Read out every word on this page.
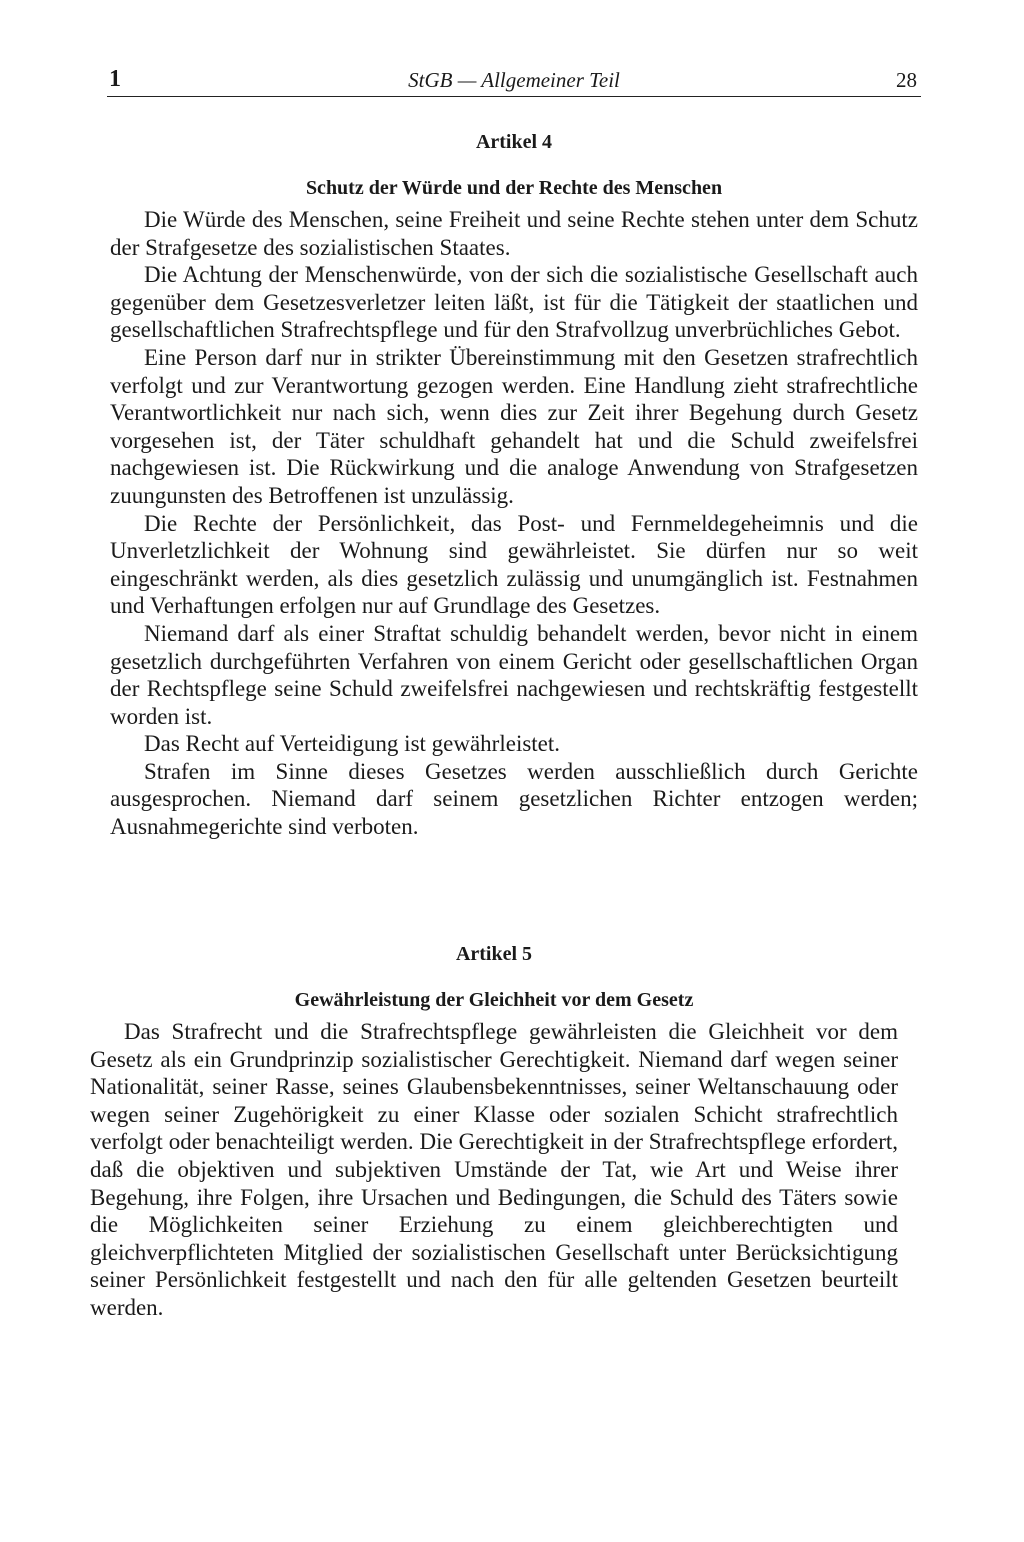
1	StGB — Allgemeiner Teil	28
Artikel 4
Schutz der Würde und der Rechte des Menschen

Die Würde des Menschen, seine Freiheit und seine Rechte stehen unter dem Schutz der Strafgesetze des sozialistischen Staates.

Die Achtung der Menschenwürde, von der sich die sozialistische Gesellschaft auch gegenüber dem Gesetzesverletzer leiten läßt, ist für die Tätigkeit der staatlichen und gesellschaftlichen Strafrechtspflege und für den Strafvollzug unverbrüchliches Gebot.

Eine Person darf nur in strikter Übereinstimmung mit den Gesetzen strafrechtlich verfolgt und zur Verantwortung gezogen werden. Eine Handlung zieht strafrechtliche Verantwortlichkeit nur nach sich, wenn dies zur Zeit ihrer Begehung durch Gesetz vorgesehen ist, der Täter schuldhaft gehandelt hat und die Schuld zweifelsfrei nachgewiesen ist. Die Rückwirkung und die analoge Anwendung von Strafgesetzen zuungunsten des Betroffenen ist unzulässig.

Die Rechte der Persönlichkeit, das Post- und Fernmeldegeheimnis und die Unverletzlichkeit der Wohnung sind gewährleistet. Sie dürfen nur so weit eingeschränkt werden, als dies gesetzlich zulässig und unumgänglich ist. Festnahmen und Verhaftungen erfolgen nur auf Grundlage des Gesetzes.

Niemand darf als einer Straftat schuldig behandelt werden, bevor nicht in einem gesetzlich durchgeführten Verfahren von einem Gericht oder gesellschaftlichen Organ der Rechtspflege seine Schuld zweifelsfrei nachgewiesen und rechtskräftig festgestellt worden ist.

Das Recht auf Verteidigung ist gewährleistet.

Strafen im Sinne dieses Gesetzes werden ausschließlich durch Gerichte ausgesprochen. Niemand darf seinem gesetzlichen Richter entzogen werden; Ausnahmegerichte sind verboten.

Artikel 5
Gewährleistung der Gleichheit vor dem Gesetz

Das Strafrecht und die Strafrechtspflege gewährleisten die Gleichheit vor dem Gesetz als ein Grundprinzip sozialistischer Gerechtigkeit. Niemand darf wegen seiner Nationalität, seiner Rasse, seines Glaubensbekenntnisses, seiner Weltanschauung oder wegen seiner Zugehörigkeit zu einer Klasse oder sozialen Schicht strafrechtlich verfolgt oder benachteiligt werden. Die Gerechtigkeit in der Strafrechtspflege erfordert, daß die objektiven und subjektiven Umstände der Tat, wie Art und Weise ihrer Begehung, ihre Folgen, ihre Ursachen und Bedingungen, die Schuld des Täters sowie die Möglichkeiten seiner Erziehung zu einem gleichberechtigten und gleichverpflichteten Mitglied der sozialistischen Gesellschaft unter Berücksichtigung seiner Persönlichkeit festgestellt und nach den für alle geltenden Gesetzen beurteilt werden.
